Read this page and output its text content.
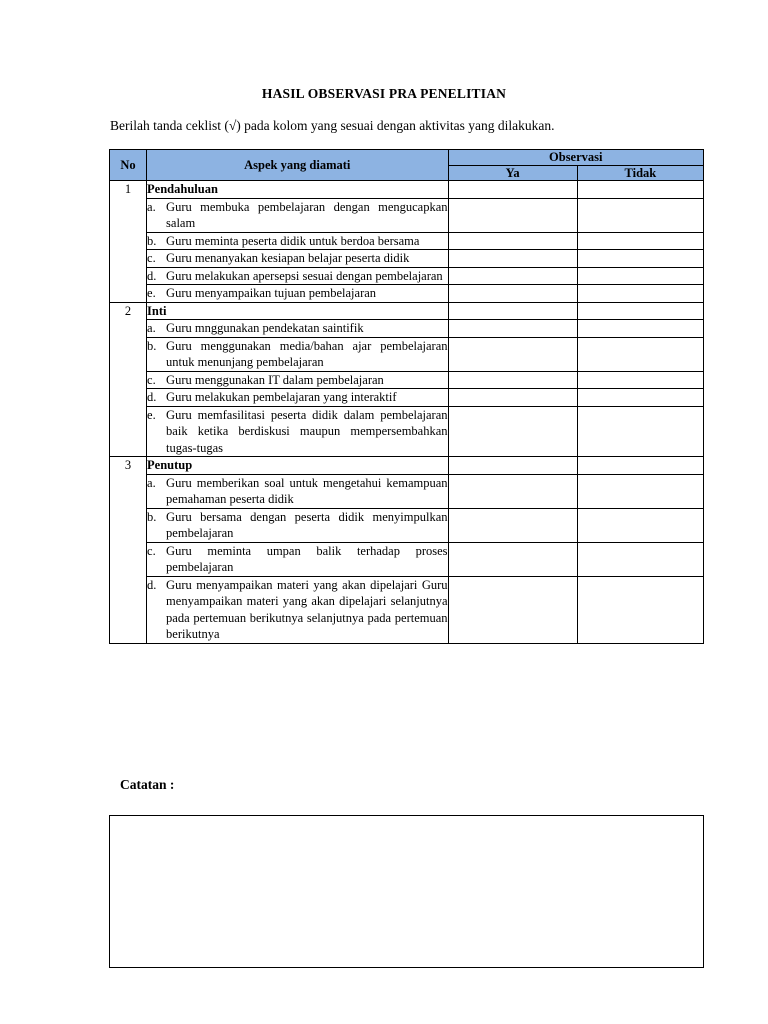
HASIL OBSERVASI PRA PENELITIAN
Berilah tanda ceklist (√) pada kolom yang sesuai dengan aktivitas yang dilakukan.
No	Aspek yang diamati	Observasi	
		Ya	Tidak
1	Pendahuluan		

	a. Guru membuka pembelajaran dengan mengucapkan salam		

	b. Guru meminta peserta didik untuk berdoa bersama		

	c. Guru menanyakan kesiapan belajar peserta didik		

	d. Guru melakukan apersepsi sesuai dengan pembelajaran		

	e. Guru menyampaikan tujuan pembelajaran		

2	Inti		

	a. Guru mnggunakan pendekatan saintifik		

	b. Guru menggunakan media/bahan ajar pembelajaran untuk menunjang pembelajaran		

	c. Guru menggunakan IT dalam pembelajaran		

	d. Guru melakukan pembelajaran yang interaktif		

	e. Guru memfasilitasi peserta didik dalam pembelajaran baik ketika berdiskusi maupun mempersembahkan tugas-tugas		

3	Penutup		

	a. Guru memberikan soal untuk mengetahui kemampuan pemahaman peserta didik		

	b. Guru bersama dengan peserta didik menyimpulkan pembelajaran		

	c. Guru meminta umpan balik terhadap proses pembelajaran		

	d. Guru menyampaikan materi yang akan dipelajari Guru menyampaikan materi yang akan dipelajari selanjutnya pada pertemuan berikutnya selanjutnya pada pertemuan berikutnya		

Catatan :
